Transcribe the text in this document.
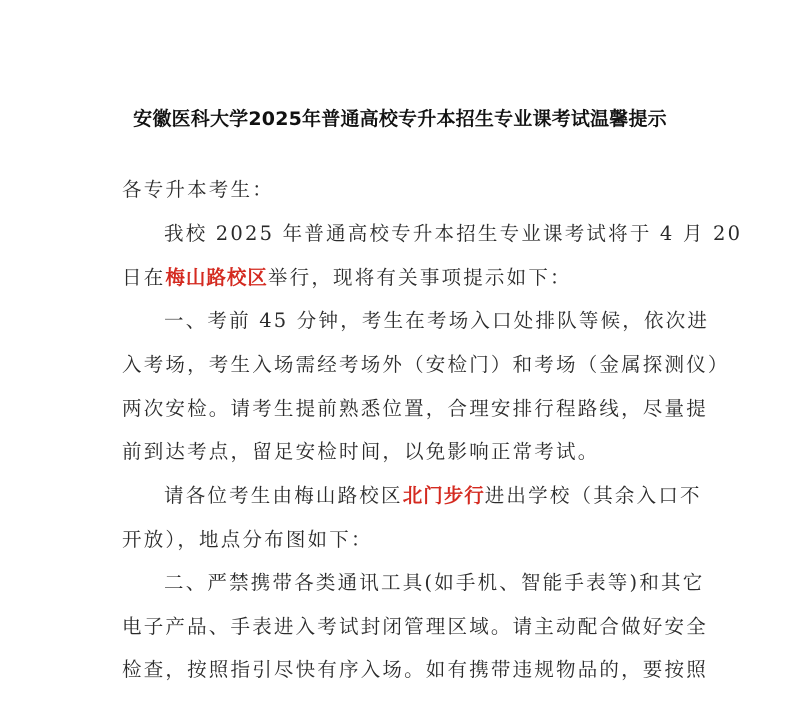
安徽医科大学2025年普通高校专升本招生专业课考试温馨提示
各专升本考生：
我校 2025 年普通高校专升本招生专业课考试将于 4 月 20
日在梅山路校区举行，现将有关事项提示如下：
一、考前 45 分钟，考生在考场入口处排队等候，依次进
入考场，考生入场需经考场外（安检门）和考场（金属探测仪）
两次安检。请考生提前熟悉位置，合理安排行程路线，尽量提
前到达考点，留足安检时间，以免影响正常考试。
请各位考生由梅山路校区北门步行进出学校（其余入口不
开放），地点分布图如下：
二、严禁携带各类通讯工具(如手机、智能手表等)和其它
电子产品、手表进入考试封闭管理区域。请主动配合做好安全
检查，按照指引尽快有序入场。如有携带违规物品的，要按照
